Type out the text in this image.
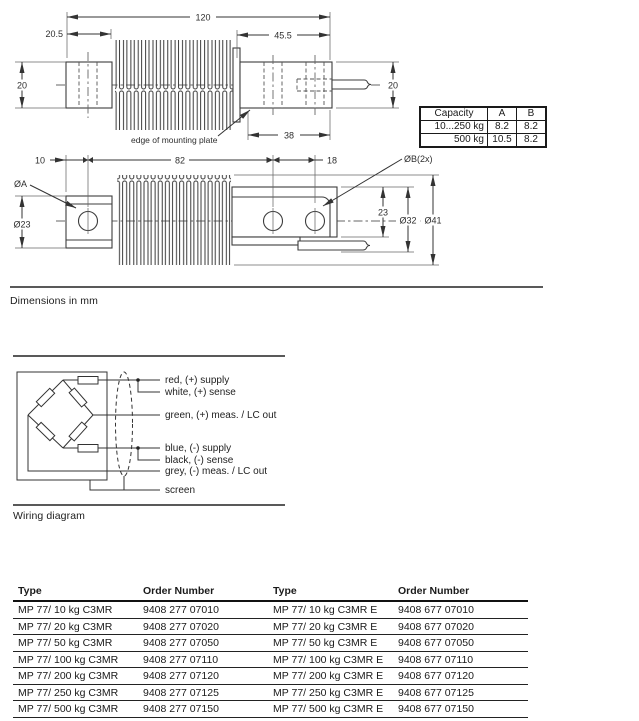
120
20.5	45.5
20	20
38
edge of mounting plate
10	82	18	ØB(2x)
ØA
Ø23
23
Ø32 Ø41
Capacity	A	B
10...250 kg	8.2	8.2
500 kg	10.5	8.2
Dimensions in mm
red, (+) supply
white, (+) sense
green, (+) meas. / LC out
blue, (-) supply
black, (-) sense
grey, (-) meas. / LC out
screen
Wiring diagram
Type	Order Number	Type	Order Number
MP 77/ 10 kg C3MR	9408 277 07010	MP 77/ 10 kg C3MR E	9408 677 07010
MP 77/ 20 kg C3MR	9408 277 07020	MP 77/ 20 kg C3MR E	9408 677 07020
MP 77/ 50 kg C3MR	9408 277 07050	MP 77/ 50 kg C3MR E	9408 677 07050
MP 77/ 100 kg C3MR	9408 277 07110	MP 77/ 100 kg C3MR E	9408 677 07110
MP 77/ 200 kg C3MR	9408 277 07120	MP 77/ 200 kg C3MR E	9408 677 07120
MP 77/ 250 kg C3MR	9408 277 07125	MP 77/ 250 kg C3MR E	9408 677 07125
MP 77/ 500 kg C3MR	9408 277 07150	MP 77/ 500 kg C3MR E	9408 677 07150
